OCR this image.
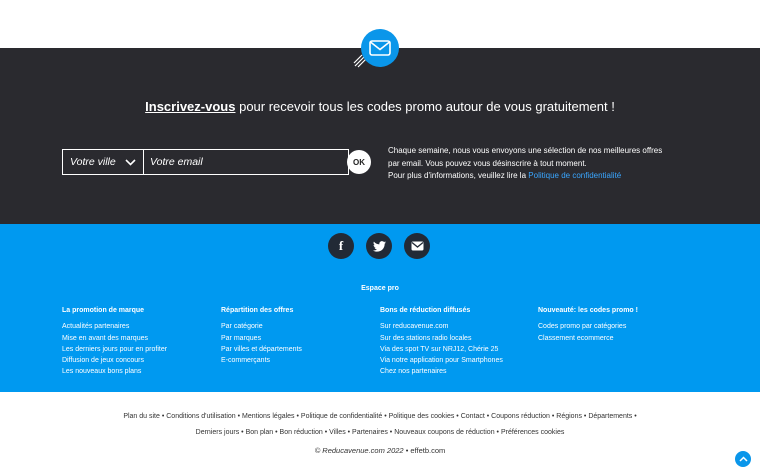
Inscrivez-vous pour recevoir tous les codes promo autour de vous gratuitement !
Votre ville
Votre email	OK
Chaque semaine, nous vous envoyons une sélection de nos meilleures offres
par email. Vous pouvez vous désinscrire à tout moment.
Pour plus d'informations, veuillez lire la Politique de confidentialité
f
Espace pro
La promotion de marque
Actualités partenaires
Mise en avant des marques
Les derniers jours pour en profiter
Diffusion de jeux concours
Les nouveaux bons plans
Répartition des offres
Par catégorie
Par marques
Par villes et départements
E-commerçants
Bons de réduction diffusés
Sur reducavenue.com
Sur des stations radio locales
Via des spot TV sur NRJ12, Chérie 25
Via notre application pour Smartphones
Chez nos partenaires
Nouveauté: les codes promo !
Codes promo par catégories
Classement ecommerce
Plan du site • Conditions d'utilisation • Mentions légales • Politique de confidentialité • Politique des cookies • Contact • Coupons réduction • Régions • Départements •
Derniers jours • Bon plan • Bon réduction • Villes • Partenaires • Nouveaux coupons de réduction • Préférences cookies
© Reducavenue.com 2022 • effetb.com
